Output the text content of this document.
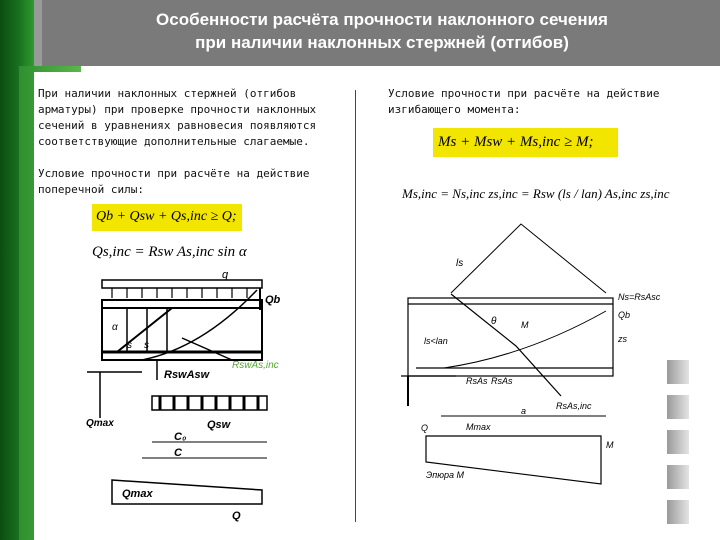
Особенности расчёта прочности наклонного сечения
при наличии наклонных стержней (отгибов)

При наличии наклонных стержней (отгибов
арматуры) при проверке прочности наклонных
сечений в уравнениях равновесия появляются
соответствующие дополнительные слагаемые.

Условие прочности при расчёте на действие
поперечной силы:

Qb + Qsw + Qs,inc ≥ Q;
Qs,inc = Rsw As,inc sin α

Условие прочности при расчёте на действие
изгибающего момента:

Ms + Msw + Ms,inc ≥ M;
Ms,inc = Ns,inc zs,inc = Rsw (ls / lan) As,inc zs,inc
q
Qb
α
s s
RswAs,inc
RswAsw
Qmax	Qsw
C₀
C
Qmax
Q
ls
Ns=RsAsc
θ	M
ls<lan
Qb
zs
RsAs RsAs
RsAs,inc
a
Q	Mmax
M
Эпюра M
